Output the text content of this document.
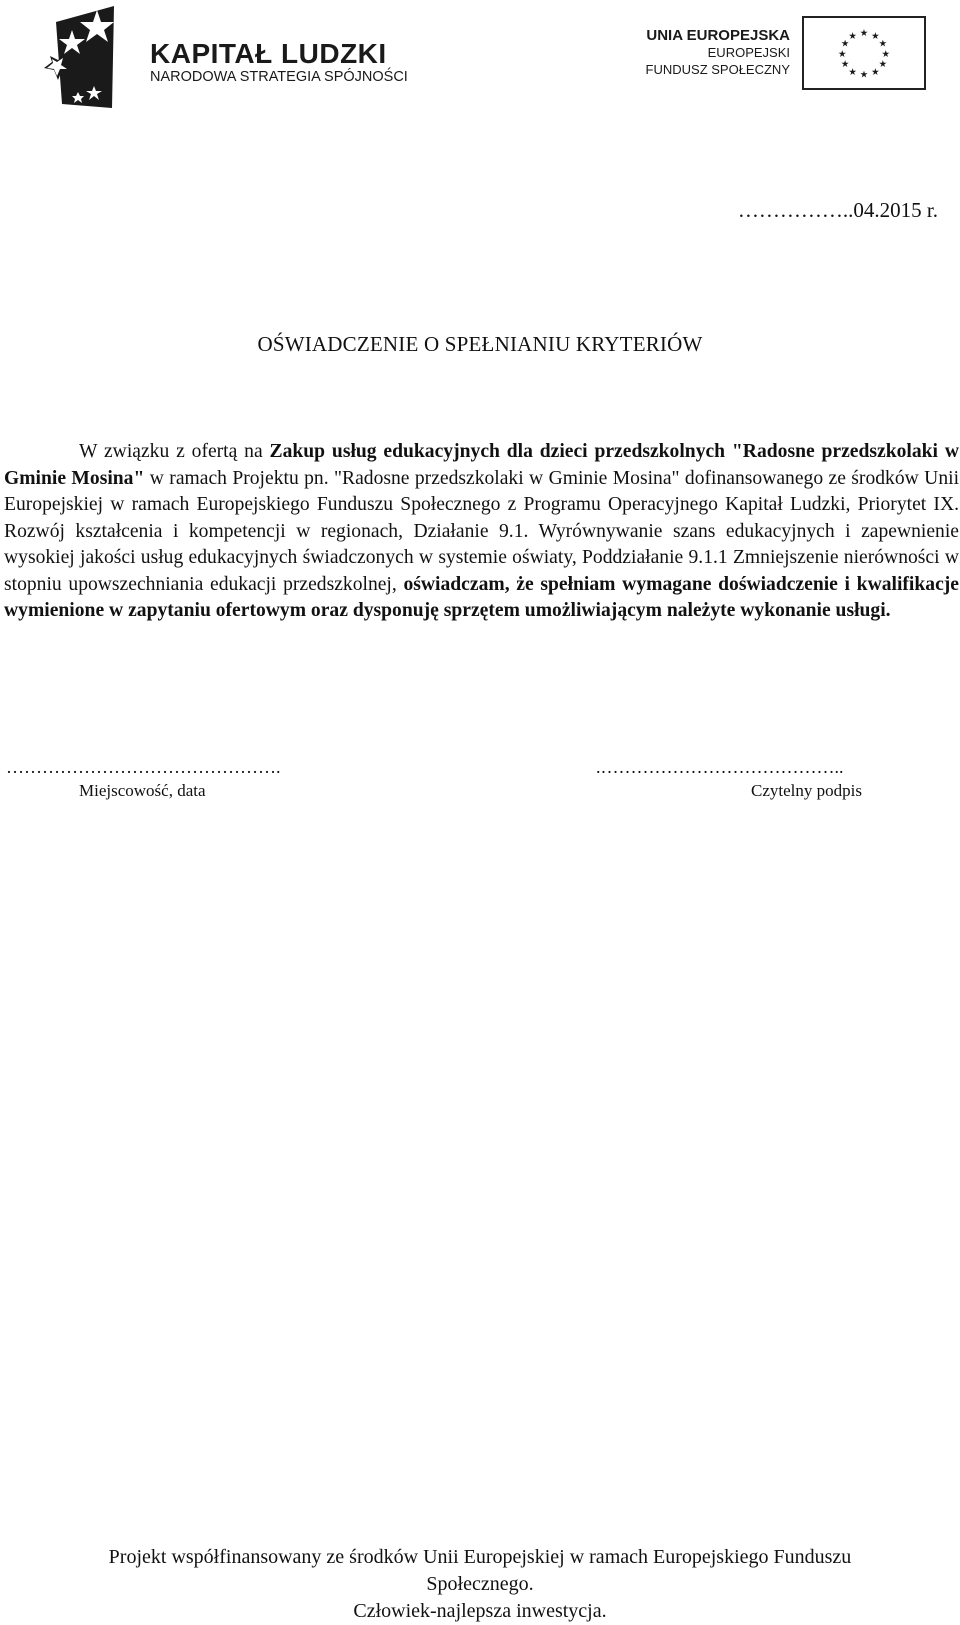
KAPITAŁ LUDZKI
NARODOWA STRATEGIA SPÓJNOŚCI
UNIA EUROPEJSKA
EUROPEJSKI
FUNDUSZ SPOŁECZNY
★ ★
★
★
★
★
★
★
★
★
★
★
……………..04.2015 r.
OŚWIADCZENIE O SPEŁNIANIU KRYTERIÓW

W związku z ofertą na Zakup usług edukacyjnych dla dzieci przedszkolnych "Radosne przedszkolaki w Gminie Mosina" w ramach Projektu pn. "Radosne przedszkolaki w Gminie Mosina" dofinansowanego ze środków Unii Europejskiej w ramach Europejskiego Funduszu Społecznego z Programu Operacyjnego Kapitał Ludzki, Priorytet IX. Rozwój kształcenia i kompetencji w regionach, Działanie 9.1. Wyrównywanie szans edukacyjnych i zapewnienie wysokiej jakości usług edukacyjnych świadczonych w systemie oświaty, Poddziałanie 9.1.1 Zmniejszenie nierówności w stopniu upowszechniania edukacji przedszkolnej, oświadczam, że spełniam wymagane doświadczenie i kwalifikacje wymienione w zapytaniu ofertowym oraz dysponuję sprzętem umożliwiającym należyte wykonanie usługi.

……………………………………….
Miejscowość, data
.…………………………………..
Czytelny podpis
Projekt współfinansowany ze środków Unii Europejskiej w ramach Europejskiego Funduszu
Społecznego.
Człowiek-najlepsza inwestycja.
